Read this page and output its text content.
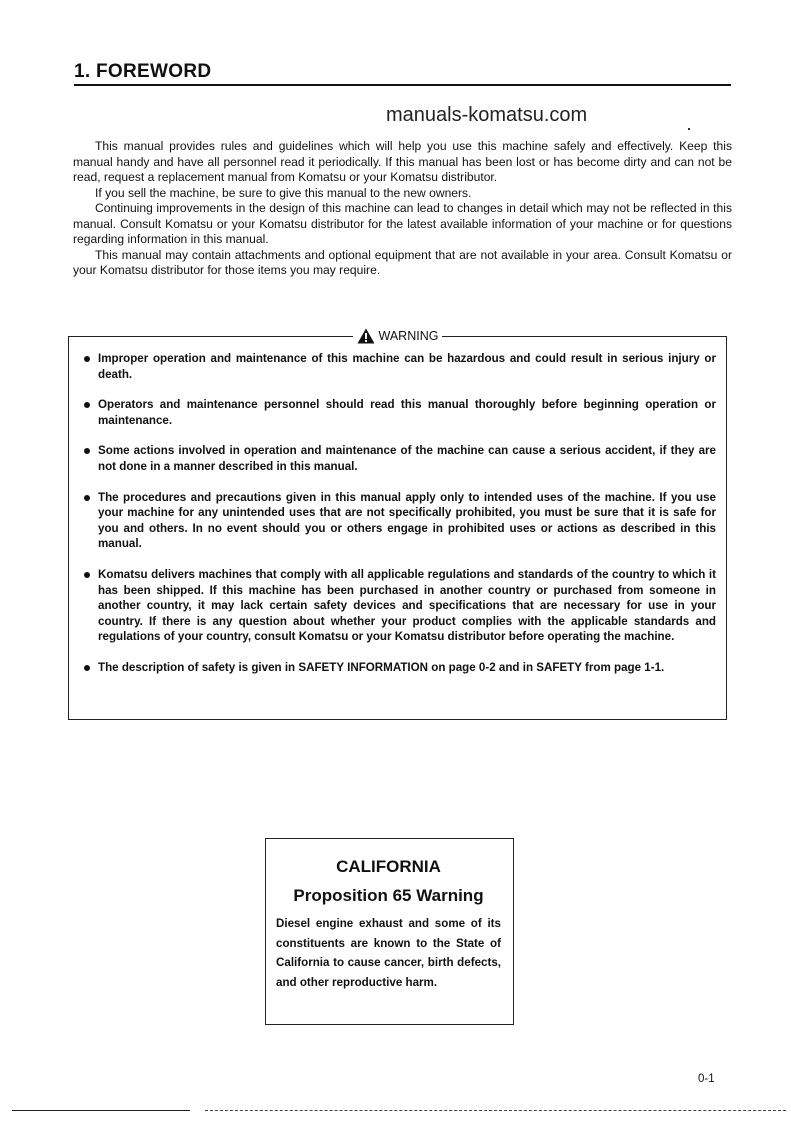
1. FOREWORD
manuals-komatsu.com

This manual provides rules and guidelines which will help you use this machine safely and effectively. Keep this manual handy and have all personnel read it periodically. If this manual has been lost or has become dirty and can not be read, request a replacement manual from Komatsu or your Komatsu distributor.

If you sell the machine, be sure to give this manual to the new owners.

Continuing improvements in the design of this machine can lead to changes in detail which may not be reflected in this manual. Consult Komatsu or your Komatsu distributor for the latest available information of your machine or for questions regarding information in this manual.

This manual may contain attachments and optional equipment that are not available in your area. Consult Komatsu or your Komatsu distributor for those items you may require.

WARNING
Improper operation and maintenance of this machine can be hazardous and could result in serious injury or death.
Operators and maintenance personnel should read this manual thoroughly before beginning operation or maintenance.
Some actions involved in operation and maintenance of the machine can cause a serious accident, if they are not done in a manner described in this manual.
The procedures and precautions given in this manual apply only to intended uses of the machine. If you use your machine for any unintended uses that are not specifically prohibited, you must be sure that it is safe for you and others. In no event should you or others engage in prohibited uses or actions as described in this manual.
Komatsu delivers machines that comply with all applicable regulations and standards of the country to which it has been shipped. If this machine has been purchased in another country or purchased from someone in another country, it may lack certain safety devices and specifications that are necessary for use in your country. If there is any question about whether your product complies with the applicable standards and regulations of your country, consult Komatsu or your Komatsu distributor before operating the machine.
The description of safety is given in SAFETY INFORMATION on page 0-2 and in SAFETY from page 1-1.
CALIFORNIA
Proposition 65 Warning
Diesel engine exhaust and some of its constituents are known to the State of California to cause cancer, birth defects, and other reproductive harm.
0-1
